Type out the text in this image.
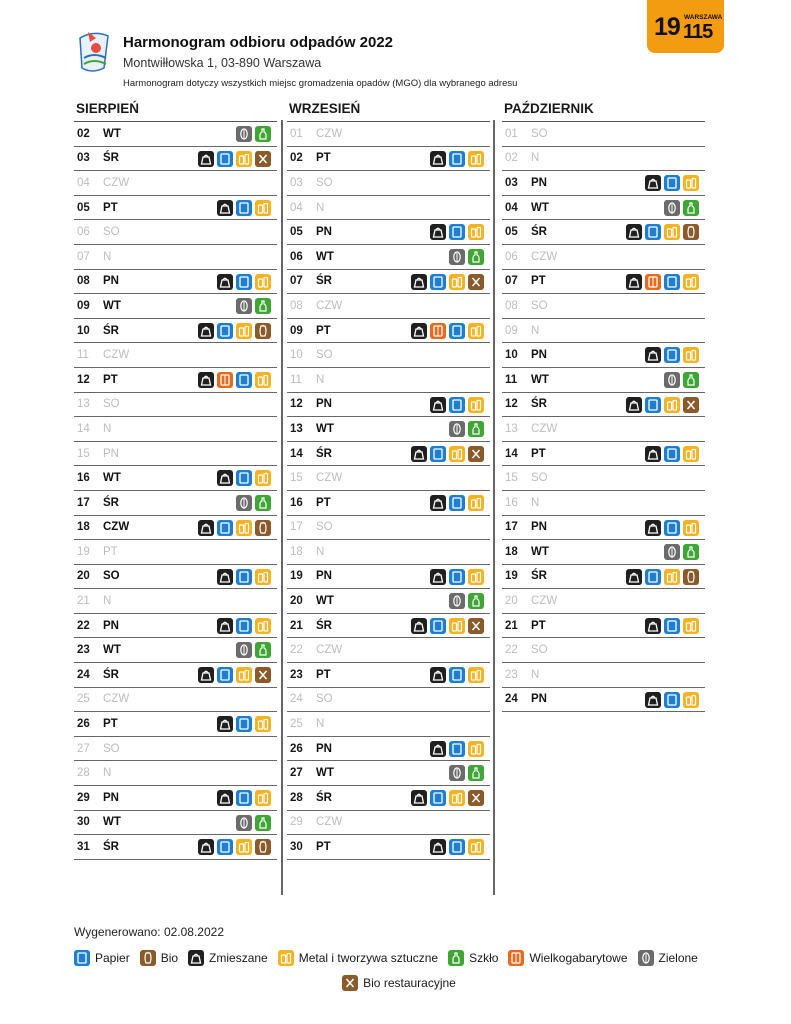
Harmonogram odbioru odpadów 2022
Montwiłłowska 1, 03-890 Warszawa
Harmonogram dotyczy wszystkich miejsc gromadzenia opadów (MGO) dla wybranego adresu
19 WARSZAWA
115
SIERPIEŃ
02	WT
03	ŚR
04	CZW
05	PT
06	SO
07	N
08	PN
09	WT
10	ŚR
11	CZW
12	PT
13	SO
14	N
15	PN
16	WT
17	ŚR
18	CZW
19	PT
20	SO
21	N
22	PN
23	WT
24	ŚR
25	CZW
26	PT
27	SO
28	N
29	PN
30	WT
31	ŚR
WRZESIEŃ
01	CZW
02	PT
03	SO
04	N
05	PN
06	WT
07	ŚR
08	CZW
09	PT
10	SO
11	N
12	PN
13	WT
14	ŚR
15	CZW
16	PT
17	SO
18	N
19	PN
20	WT
21	ŚR
22	CZW
23	PT
24	SO
25	N
26	PN
27	WT
28	ŚR
29	CZW
30	PT
PAŹDZIERNIK
01	SO
02	N
03	PN
04	WT
05	ŚR
06	CZW
07	PT
08	SO
09	N
10	PN
11	WT
12	ŚR
13	CZW
14	PT
15	SO
16	N
17	PN
18	WT
19	ŚR
20	CZW
21	PT
22	SO
23	N
24	PN
Wygenerowano: 02.08.2022
Papier	Bio	Zmieszane	Metal i tworzywa sztuczne	Szkło	Wielkogabarytowe	Zielone
Bio restauracyjne
